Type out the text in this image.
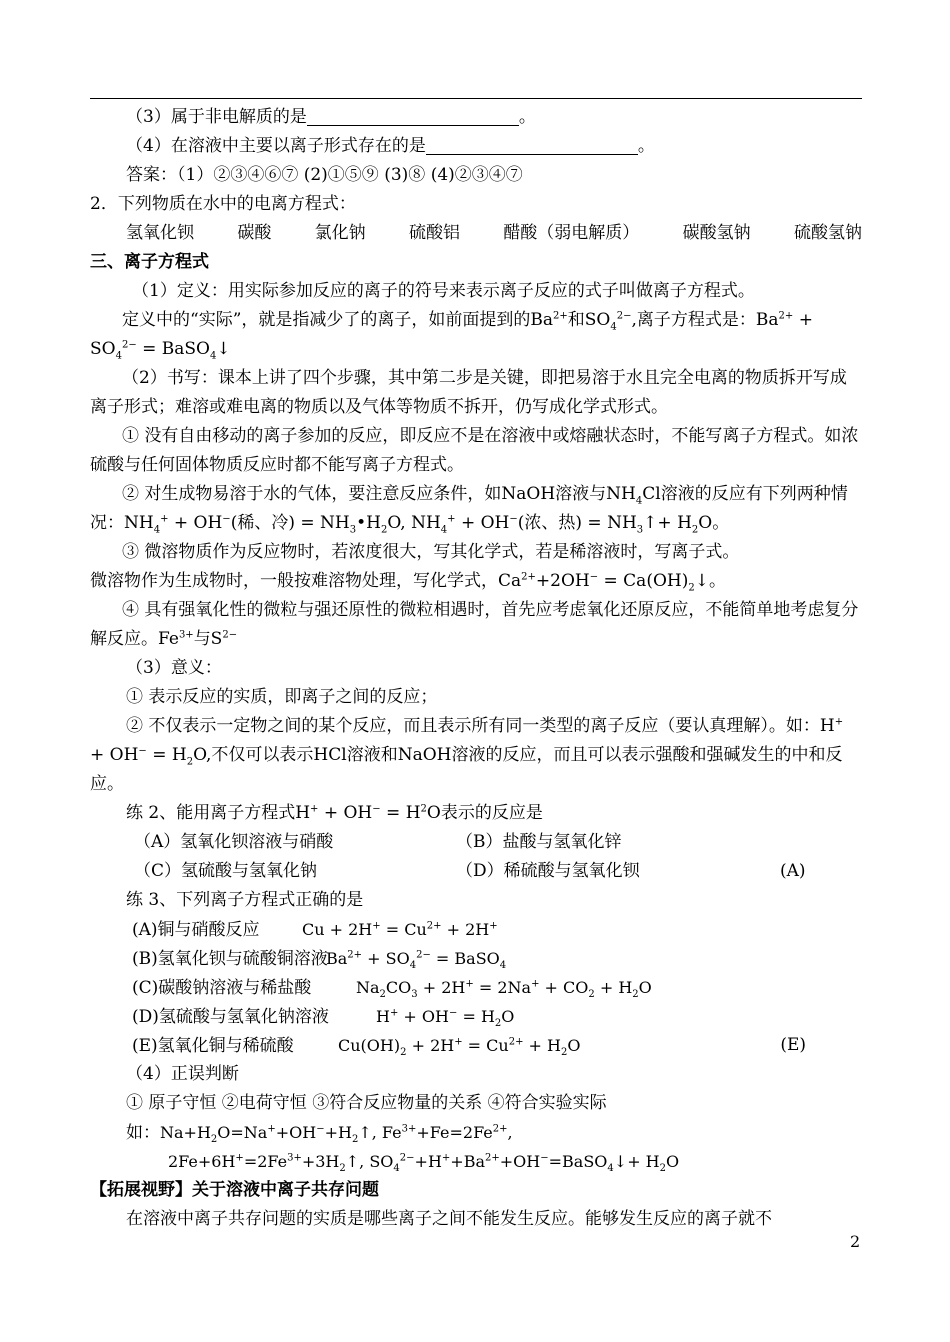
（3）属于非电解质的是	。
（4）在溶液中主要以离子形式存在的是	。
答案：（1）②③④⑥⑦ (2)①⑤⑨ (3)⑧ (4)②③④⑦
2．下列物质在水中的电离方程式：
氢氧化钡	碳酸	氯化钠	硫酸铝	醋酸（弱电解质）	碳酸氢钠	硫酸氢钠
三、离子方程式
（1）定义：用实际参加反应的离子的符号来表示离子反应的式子叫做离子方程式。
定义中的“实际”，就是指减少了的离子，如前面提到的$Ba^{2+}$和$SO_4^{2-}$,离子方程式是：$Ba^{2+} + SO_4^{2-}$ = BaSO$_4$↓
（2）书写：课本上讲了四个步骤，其中第二步是关键，即把易溶于水且完全电离的物质拆开写成离子形式；难溶或难电离的物质以及气体等物质不拆开，仍写成化学式形式。
① 没有自由移动的离子参加的反应，即反应不是在溶液中或熔融状态时，不能写离子方程式。如浓硫酸与任何固体物质反应时都不能写离子方程式。
② 对生成物易溶于水的气体，要注意反应条件，如NaOH溶液与$NH_4Cl$溶液的反应有下列两种情况：$NH_4^+ + OH^-$(稀、冷) = $NH_3•H_2O$, $NH_4^+ + OH^-$(浓、热) = $NH_3↑+ H_2O$。
③ 微溶物质作为反应物时，若浓度很大，写其化学式，若是稀溶液时，写离子式。
微溶物作为生成物时，一般按难溶物处理，写化学式，$Ca^{2+}+2OH^-$ = $Ca(OH)_2↓$。
④ 具有强氧化性的微粒与强还原性的微粒相遇时，首先应考虑氧化还原反应，不能简单地考虑复分解反应。$Fe^{3+}$与$S^{2-}$
（3）意义：
① 表示反应的实质，即离子之间的反应；
② 不仅表示一定物之间的某个反应，而且表示所有同一类型的离子反应（要认真理解）。如：$H^+ + OH^- = H_2O$,不仅可以表示HCl溶液和NaOH溶液的反应，而且可以表示强酸和强碱发生的中和反应。
练 2、能用离子方程式$H^+ + OH^- = H^2O$表示的反应是
（A）氢氧化钡溶液与硝酸	（B）盐酸与氢氧化锌
（C）氢硫酸与氢氧化钠	（D）稀硫酸与氢氧化钡	(A)
练 3、下列离子方程式正确的是
(A)铜与硝酸反应	$Cu + 2H^+ = Cu^{2+} + 2H^+$
(B)氢氧化钡与硫酸铜溶液$Ba^{2+} + SO_4^{2-}$ = BaSO$_4$
(C)碳酸钠溶液与稀盐酸	$Na_2CO_3 + 2H^+ = 2Na^+ + CO_2 + H_2O$
(D)氢硫酸与氢氧化钠溶液	$H^+ + OH^- = H_2O$
(E)氢氧化铜与稀硫酸	$Cu(OH)_2 + 2H^+ = Cu^{2+} + H_2O$	(E)
（4）正误判断
① 原子守恒 ②电荷守恒 ③符合反应物量的关系 ④符合实验实际
如：$Na+H_2O=Na^++OH^-+H_2↑$, $Fe^{3+}+Fe=2Fe^{2+}$,
$2Fe+6H^+=2Fe^{3+}+3H_2↑$, $SO_4^{2-}+H^++Ba^{2+}+OH^-=BaSO_4↓+ H_2O$
【拓展视野】关于溶液中离子共存问题
在溶液中离子共存问题的实质是哪些离子之间不能发生反应。能够发生反应的离子就不
2
